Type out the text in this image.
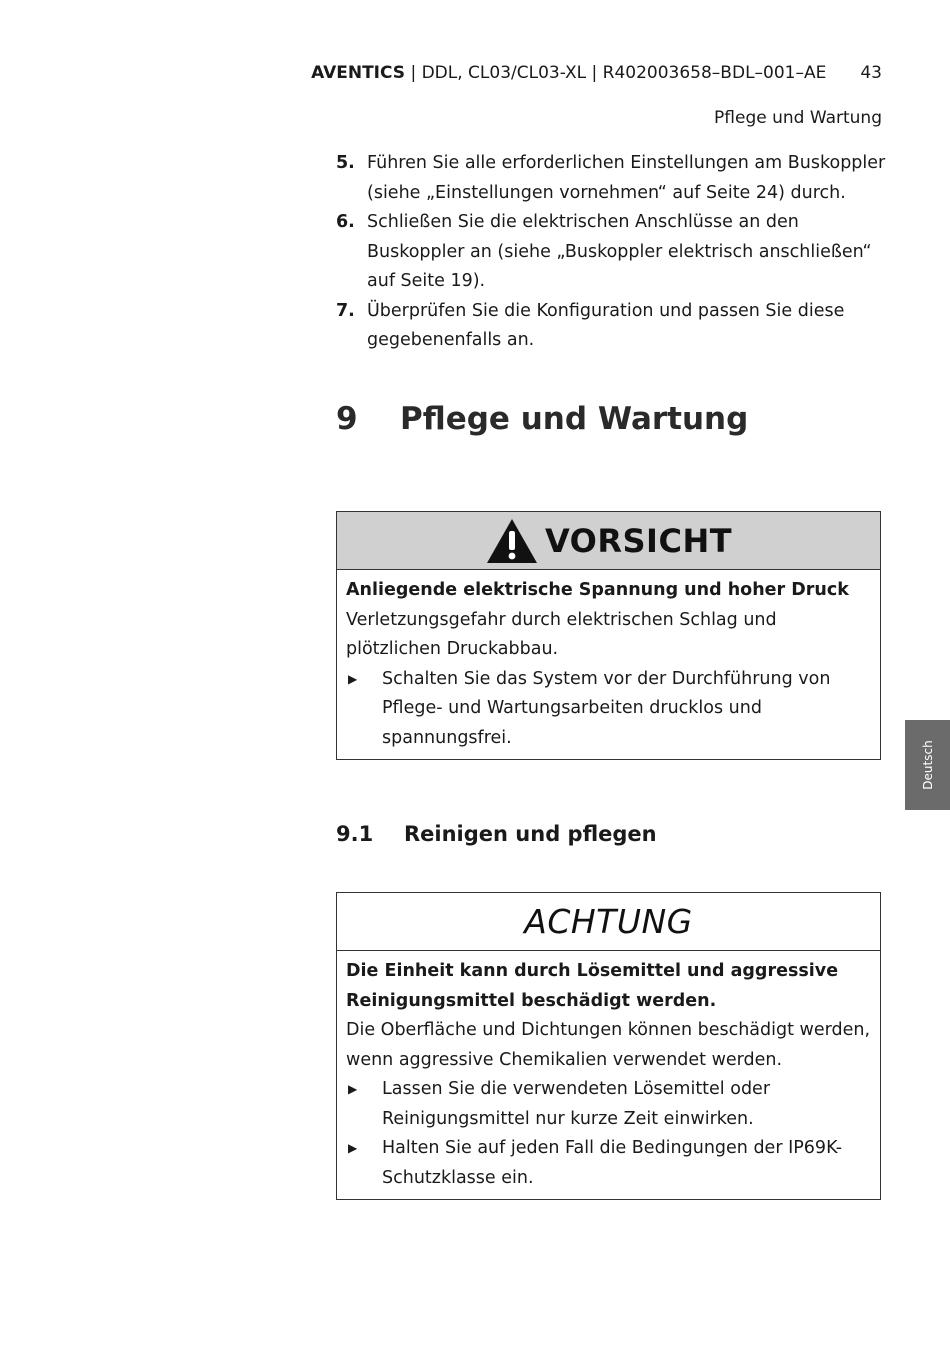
AVENTICS | DDL, CL03/CL03-XL | R402003658–BDL–001–AE 43
Pflege und Wartung
5. Führen Sie alle erforderlichen Einstellungen am Buskoppler (siehe „Einstellungen vornehmen“ auf Seite 24) durch.
6. Schließen Sie die elektrischen Anschlüsse an den Buskoppler an (siehe „Buskoppler elektrisch anschließen“ auf Seite 19).
7. Überprüfen Sie die Konfiguration und passen Sie diese gegebenenfalls an.
9 Pflege und Wartung
VORSICHT
Anliegende elektrische Spannung und hoher Druck
Verletzungsgefahr durch elektrischen Schlag und plötzlichen Druckabbau.
▶ Schalten Sie das System vor der Durchführung von Pflege- und Wartungsarbeiten drucklos und spannungsfrei.
9.1 Reinigen und pflegen
ACHTUNG
Die Einheit kann durch Lösemittel und aggressive Reinigungsmittel beschädigt werden.
Die Oberfläche und Dichtungen können beschädigt werden, wenn aggressive Chemikalien verwendet werden.
▶ Lassen Sie die verwendeten Lösemittel oder Reinigungsmittel nur kurze Zeit einwirken.
▶ Halten Sie auf jeden Fall die Bedingungen der IP69K-Schutzklasse ein.
Deutsch
